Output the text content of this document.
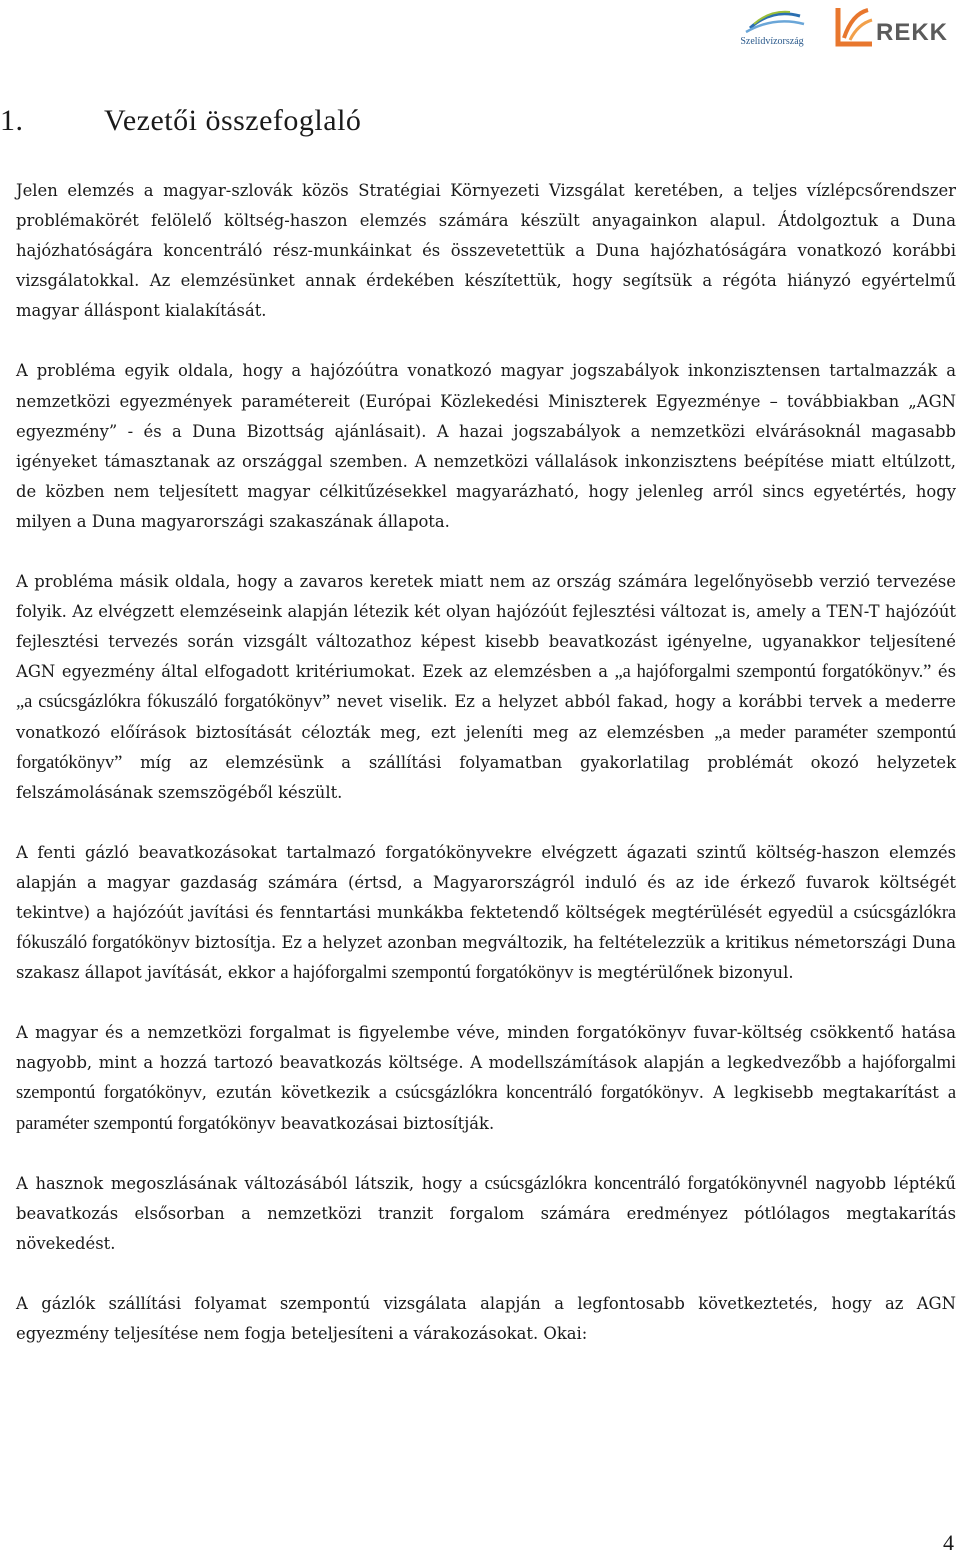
Szelídvízország	REKK
1.	Vezetői összefoglaló

Jelen elemzés a magyar-szlovák közös Stratégiai Környezeti Vizsgálat keretében, a teljes vízlépcsőrendszer problémakörét felölelő költség-haszon elemzés számára készült anyagainkon alapul. Átdolgoztuk a Duna hajózhatóságára koncentráló rész-munkáinkat és összevetettük a Duna hajózhatóságára vonatkozó korábbi vizsgálatokkal. Az elemzésünket annak érdekében készítettük, hogy segítsük a régóta hiányzó egyértelmű magyar álláspont kialakítását.

A probléma egyik oldala, hogy a hajózóútra vonatkozó magyar jogszabályok inkonzisztensen tartalmazzák a nemzetközi egyezmények paramétereit (Európai Közlekedési Miniszterek Egyezménye – továbbiakban „AGN egyezmény” - és a Duna Bizottság ajánlásait). A hazai jogszabályok a nemzetközi elvárásoknál magasabb igényeket támasztanak az országgal szemben. A nemzetközi vállalások inkonzisztens beépítése miatt eltúlzott, de közben nem teljesített magyar célkitűzésekkel magyarázható, hogy jelenleg arról sincs egyetértés, hogy milyen a Duna magyarországi szakaszának állapota.

A probléma másik oldala, hogy a zavaros keretek miatt nem az ország számára legelőnyösebb verzió tervezése folyik. Az elvégzett elemzéseink alapján létezik két olyan hajózóút fejlesztési változat is, amely a TEN-T hajózóút fejlesztési tervezés során vizsgált változathoz képest kisebb beavatkozást igényelne, ugyanakkor teljesítené AGN egyezmény által elfogadott kritériumokat. Ezek az elemzésben a „a hajóforgalmi szempontú forgatókönyv.” és „a csúcsgázlókra fókuszáló forgatókönyv” nevet viselik. Ez a helyzet abból fakad, hogy a korábbi tervek a mederre vonatkozó előírások biztosítását célozták meg, ezt jeleníti meg az elemzésben „a meder paraméter szempontú forgatókönyv” míg az elemzésünk a szállítási folyamatban gyakorlatilag problémát okozó helyzetek felszámolásának szemszögéből készült.

A fenti gázló beavatkozásokat tartalmazó forgatókönyvekre elvégzett ágazati szintű költség-haszon elemzés alapján a magyar gazdaság számára (értsd, a Magyarországról induló és az ide érkező fuvarok költségét tekintve) a hajózóút javítási és fenntartási munkákba fektetendő költségek megtérülését egyedül a csúcsgázlókra fókuszáló forgatókönyv biztosítja. Ez a helyzet azonban megváltozik, ha feltételezzük a kritikus németországi Duna szakasz állapot javítását, ekkor a hajóforgalmi szempontú forgatókönyv is megtérülőnek bizonyul.

A magyar és a nemzetközi forgalmat is figyelembe véve, minden forgatókönyv fuvar-költség csökkentő hatása nagyobb, mint a hozzá tartozó beavatkozás költsége. A modellszámítások alapján a legkedvezőbb a hajóforgalmi szempontú forgatókönyv, ezután következik a csúcsgázlókra koncentráló forgatókönyv. A legkisebb megtakarítást a paraméter szempontú forgatókönyv beavatkozásai biztosítják.

A hasznok megoszlásának változásából látszik, hogy a csúcsgázlókra koncentráló forgatókönyvnél nagyobb léptékű beavatkozás elsősorban a nemzetközi tranzit forgalom számára eredményez pótlólagos megtakarítás növekedést.

A gázlók szállítási folyamat szempontú vizsgálata alapján a legfontosabb következtetés, hogy az AGN egyezmény teljesítése nem fogja beteljesíteni a várakozásokat. Okai:

4
